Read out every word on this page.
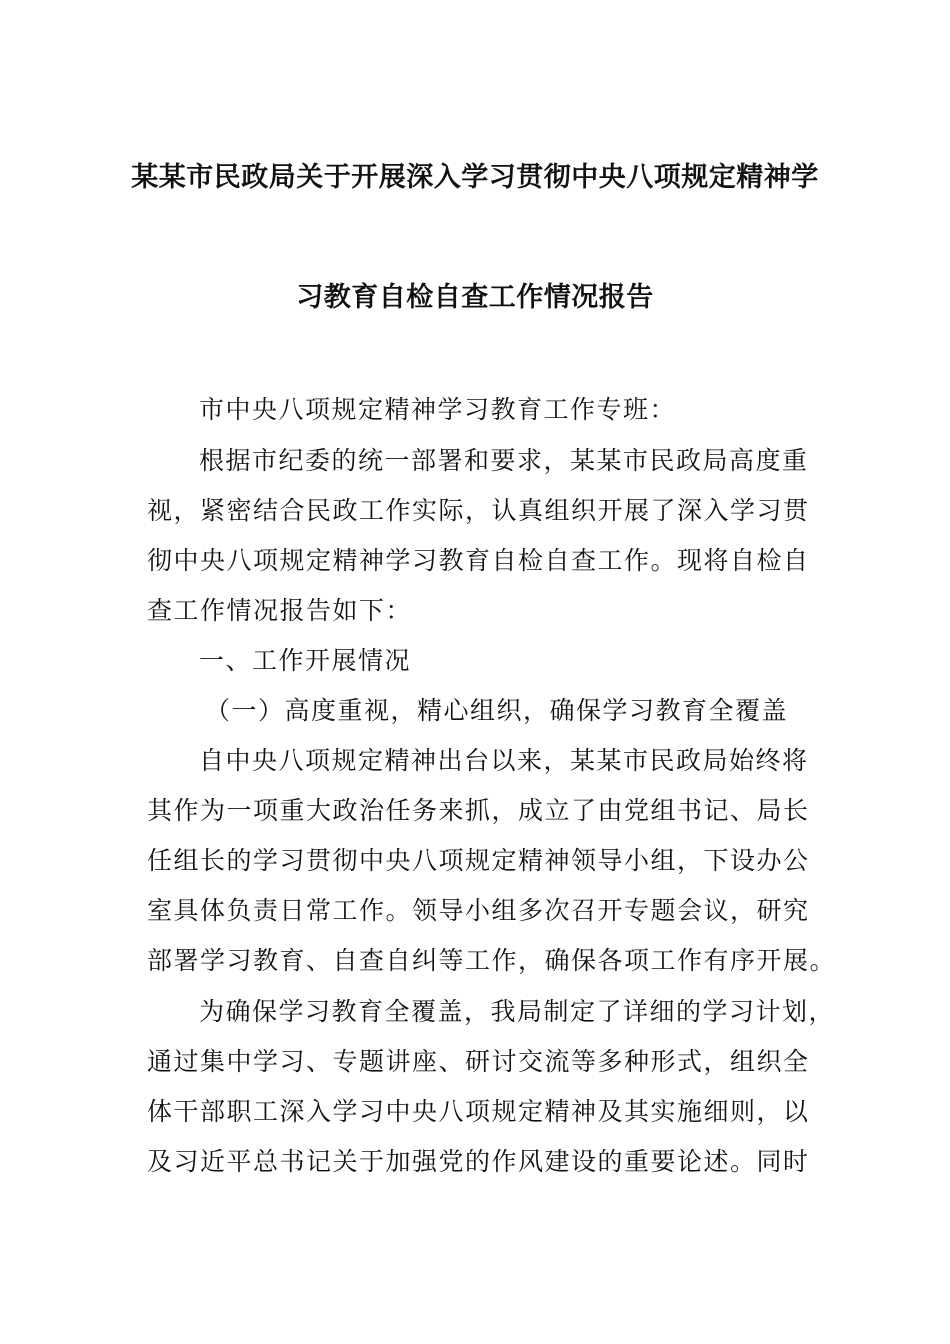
某某市民政局关于开展深入学习贯彻中央八项规定精神学
习教育自检自查工作情况报告
市中央八项规定精神学习教育工作专班：
根据市纪委的统一部署和要求，某某市民政局高度重
视，紧密结合民政工作实际，认真组织开展了深入学习贯
彻中央八项规定精神学习教育自检自查工作。现将自检自
查工作情况报告如下：
一、工作开展情况
（一）高度重视，精心组织，确保学习教育全覆盖
自中央八项规定精神出台以来，某某市民政局始终将
其作为一项重大政治任务来抓，成立了由党组书记、局长
任组长的学习贯彻中央八项规定精神领导小组，下设办公
室具体负责日常工作。领导小组多次召开专题会议，研究
部署学习教育、自查自纠等工作，确保各项工作有序开展。
为确保学习教育全覆盖，我局制定了详细的学习计划，
通过集中学习、专题讲座、研讨交流等多种形式，组织全
体干部职工深入学习中央八项规定精神及其实施细则，以
及习近平总书记关于加强党的作风建设的重要论述。同时
